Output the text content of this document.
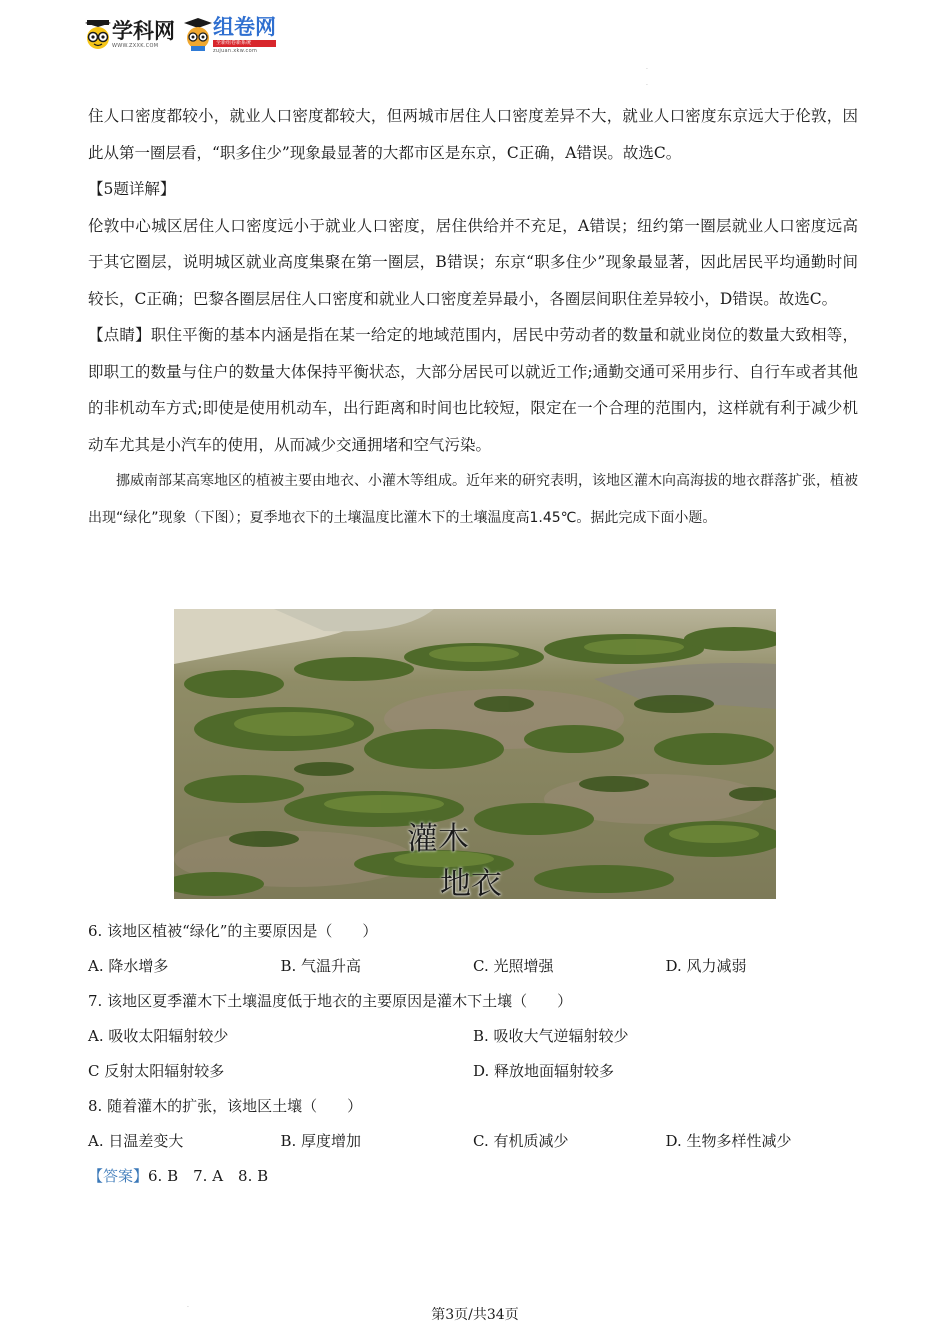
学科网
WWW.ZXXK.COM
组卷网
全新组卷新系统
zujuan.xkw.com
.
.

住人口密度都较小，就业人口密度都较大，但两城市居住人口密度差异不大，就业人口密度东京远大于伦敦，因此从第一圈层看，“职多住少”现象最显著的大都市区是东京，C正确，A错误。故选C。

【5题详解】

伦敦中心城区居住人口密度远小于就业人口密度，居住供给并不充足，A错误；纽约第一圈层就业人口密度远高于其它圈层，说明城区就业高度集聚在第一圈层，B错误；东京“职多住少”现象最显著，因此居民平均通勤时间较长，C正确；巴黎各圈层居住人口密度和就业人口密度差异最小，各圈层间职住差异较小，D错误。故选C。

【点睛】职住平衡的基本内涵是指在某一给定的地域范围内，居民中劳动者的数量和就业岗位的数量大致相等，即职工的数量与住户的数量大体保持平衡状态，大部分居民可以就近工作;通勤交通可采用步行、自行车或者其他的非机动车方式;即使是使用机动车，出行距离和时间也比较短，限定在一个合理的范围内，这样就有利于减少机动车尤其是小汽车的使用，从而减少交通拥堵和空气污染。

挪威南部某高寒地区的植被主要由地衣、小灌木等组成。近年来的研究表明，该地区灌木向高海拔的地衣群落扩张，植被出现“绿化”现象（下图）；夏季地衣下的土壤温度比灌木下的土壤温度高1.45℃。据此完成下面小题。

灌木
地衣
6. 该地区植被“绿化”的主要原因是（　　）
A. 降水增多	B. 气温升高	C. 光照增强	D. 风力减弱
7. 该地区夏季灌木下土壤温度低于地衣的主要原因是灌木下土壤（　　）
A. 吸收太阳辐射较少	B. 吸收大气逆辐射较少
C 反射太阳辐射较多	D. 释放地面辐射较多
8. 随着灌木的扩张，该地区土壤（　　）
A. 日温差变大	B. 厚度增加	C. 有机质减少	D. 生物多样性减少
【答案】6. B　7. A　8. B
.
第3页/共34页
